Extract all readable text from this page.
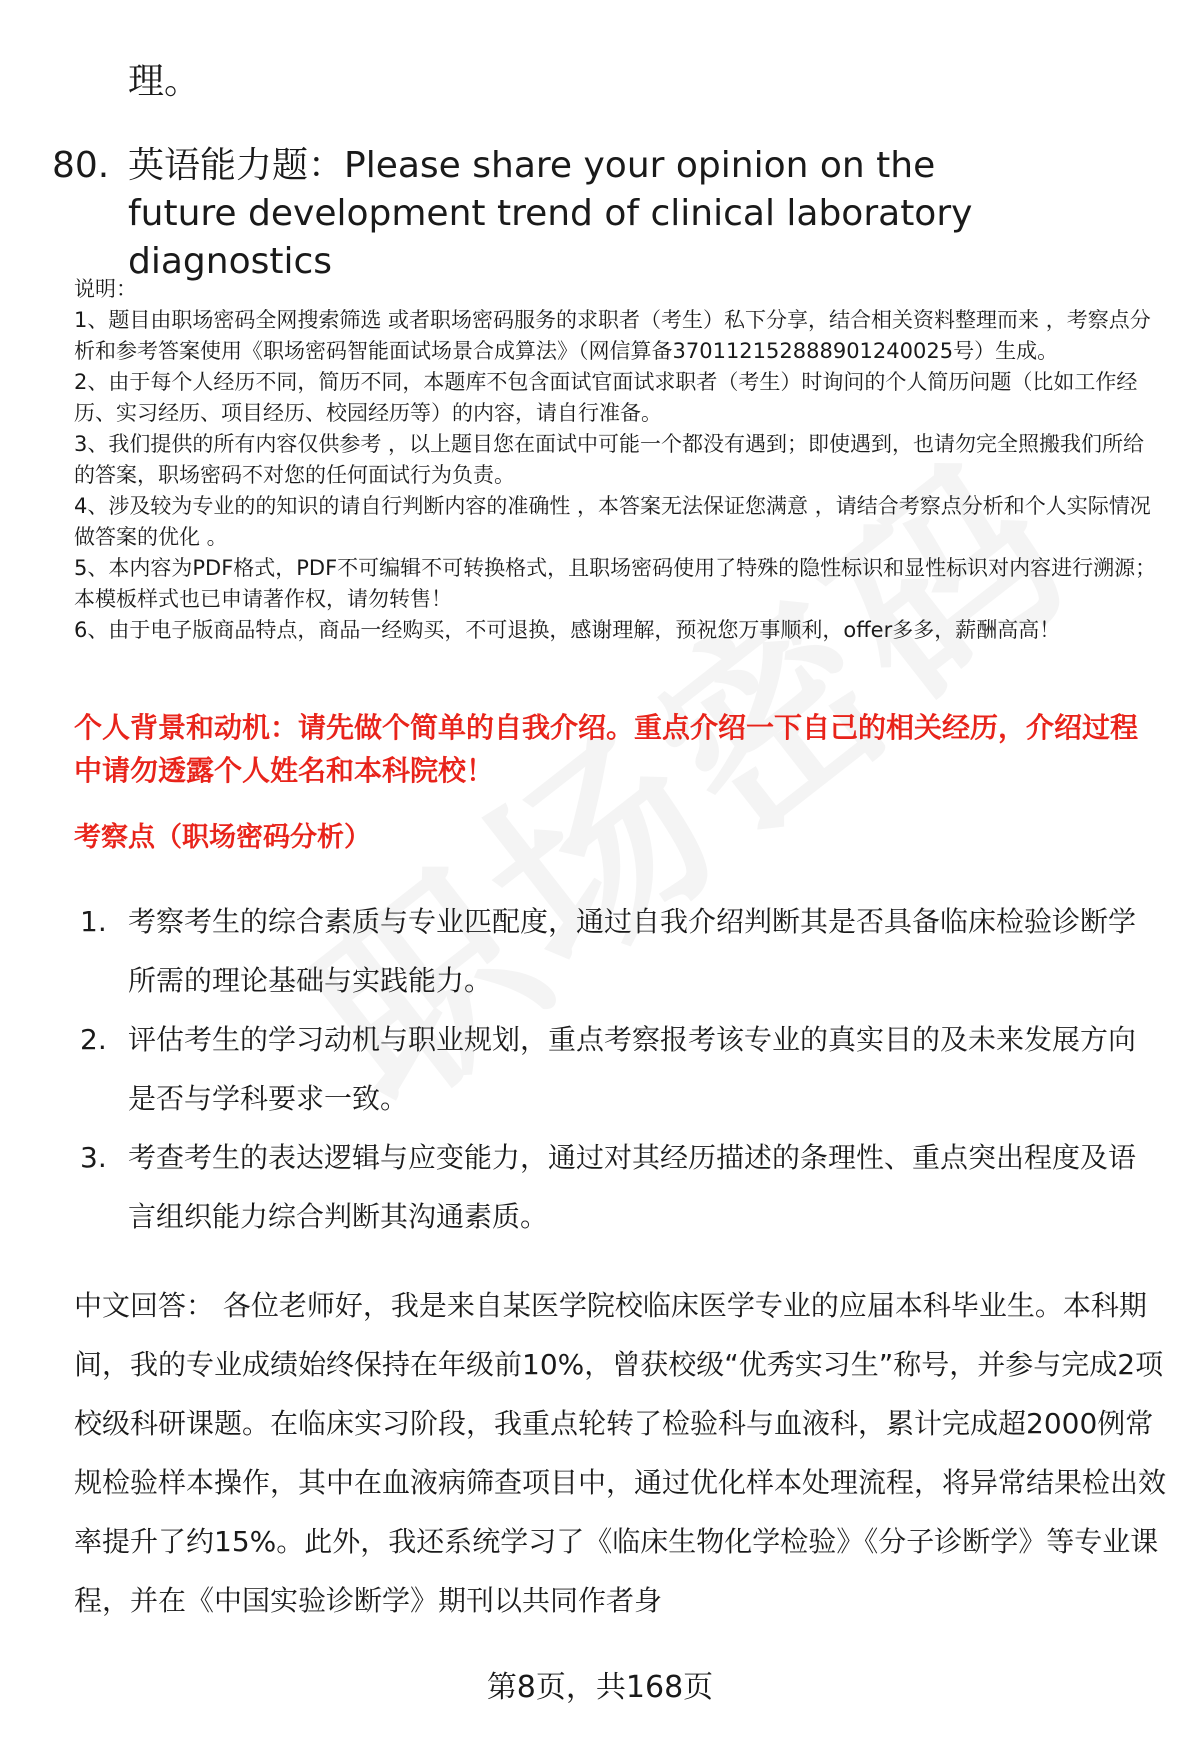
理。
80. 英语能力题：Please share your opinion on the future development trend of clinical laboratory diagnostics

说明：

1、题目由职场密码全网搜索筛选 或者职场密码服务的求职者（考生）私下分享，结合相关资料整理而来 ，考察点分析和参考答案使用《职场密码智能面试场景合成算法》（网信算备370112152888901240025号）生成。

2、由于每个人经历不同，简历不同，本题库不包含面试官面试求职者（考生）时询问的个人简历问题（比如工作经历、实习经历、项目经历、校园经历等）的内容，请自行准备。

3、我们提供的所有内容仅供参考 ，以上题目您在面试中可能一个都没有遇到；即使遇到，也请勿完全照搬我们所给的答案，职场密码不对您的任何面试行为负责。

4、涉及较为专业的的知识的请自行判断内容的准确性 ，本答案无法保证您满意 ，请结合考察点分析和个人实际情况做答案的优化 。

5、本内容为PDF格式，PDF不可编辑不可转换格式，且职场密码使用了特殊的隐性标识和显性标识对内容进行溯源；本模板样式也已申请著作权，请勿转售！

6、由于电子版商品特点，商品一经购买，不可退换，感谢理解，预祝您万事顺利，offer多多，薪酬高高！

个人背景和动机：请先做个简单的自我介绍。重点介绍一下自己的相关经历，介绍过程中请勿透露个人姓名和本科院校！
考察点（职场密码分析）
1. 考察考生的综合素质与专业匹配度，通过自我介绍判断其是否具备临床检验诊断学所需的理论基础与实践能力。
2. 评估考生的学习动机与职业规划，重点考察报考该专业的真实目的及未来发展方向是否与学科要求一致。
3. 考查考生的表达逻辑与应变能力，通过对其经历描述的条理性、重点突出程度及语言组织能力综合判断其沟通素质。
中文回答： 各位老师好，我是来自某医学院校临床医学专业的应届本科毕业生。本科期间，我的专业成绩始终保持在年级前10%，曾获校级“优秀实习生”称号，并参与完成2项校级科研课题。在临床实习阶段，我重点轮转了检验科与血液科，累计完成超2000例常规检验样本操作，其中在血液病筛查项目中，通过优化样本处理流程，将异常结果检出效率提升了约15%。此外，我还系统学习了《临床生物化学检验》《分子诊断学》等专业课程，并在《中国实验诊断学》期刊以共同作者身
第8页，共168页
